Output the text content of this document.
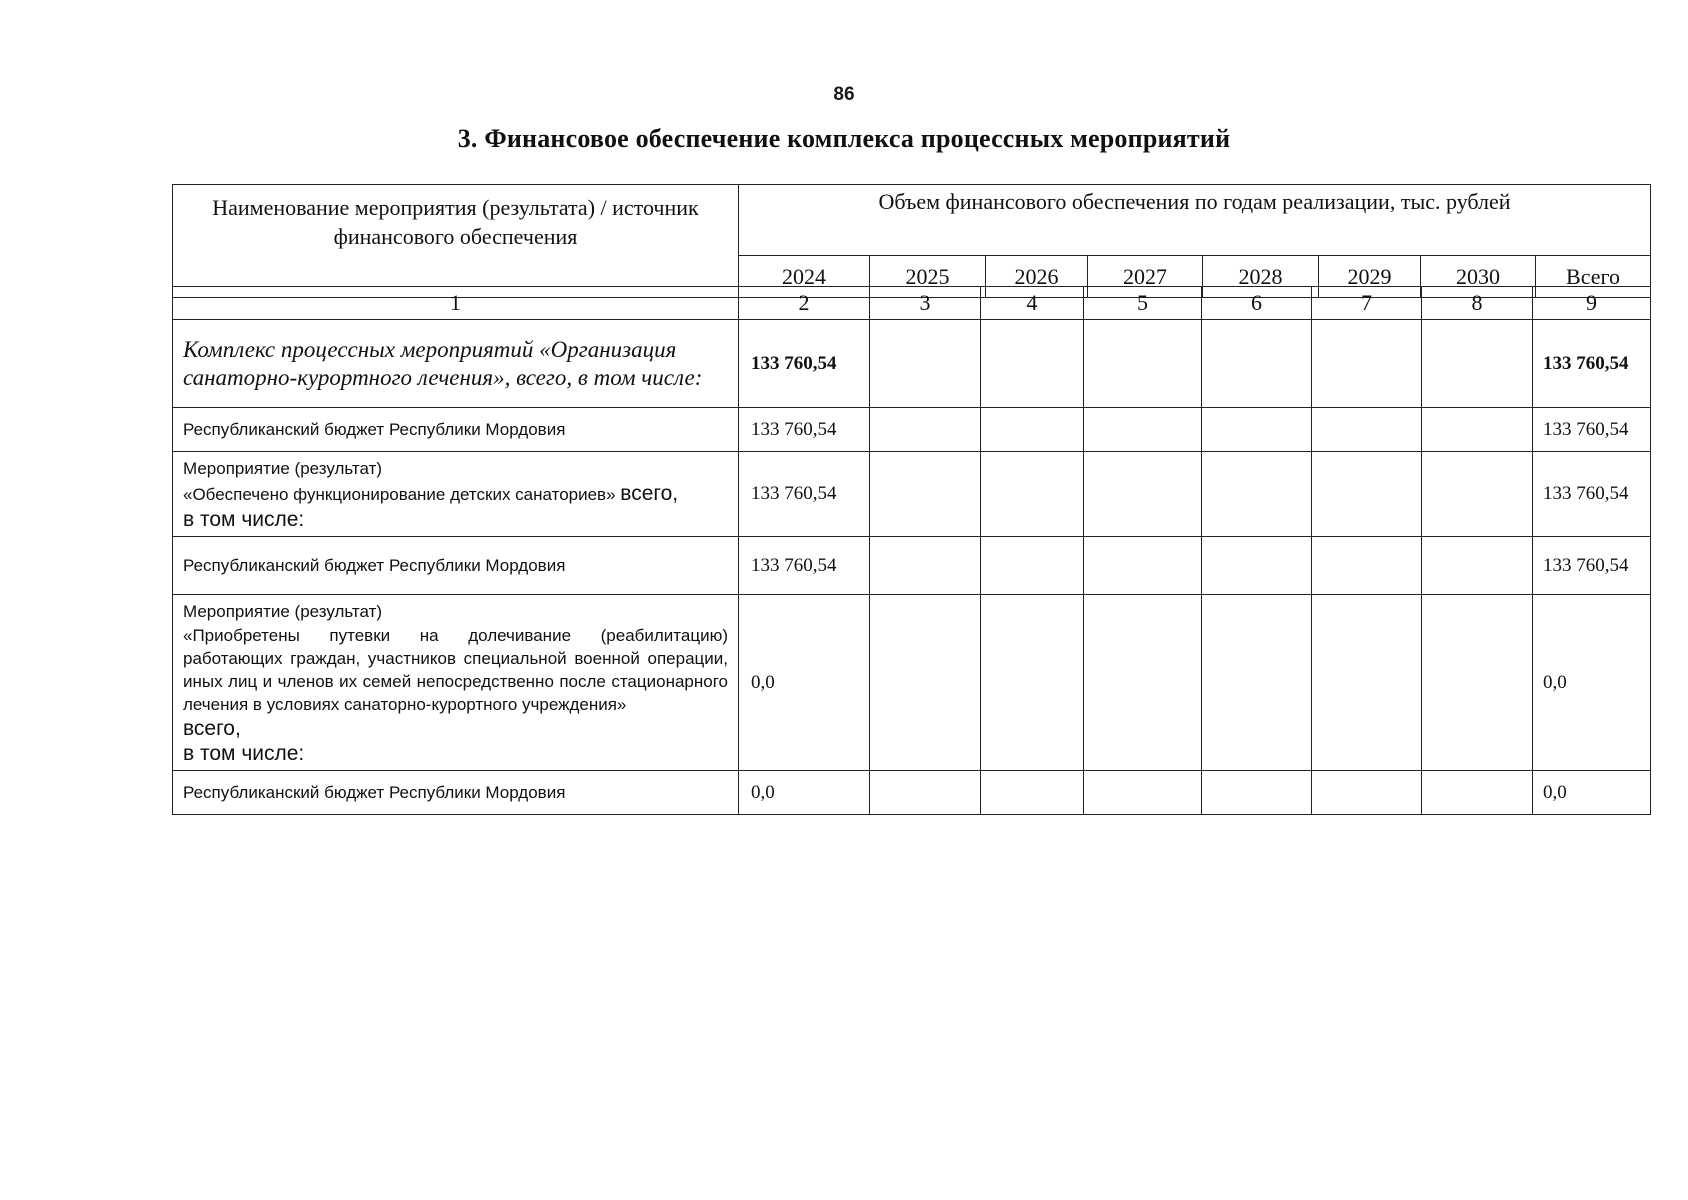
86
3. Финансовое обеспечение комплекса процессных мероприятий
Наименование мероприятия (результата) / источник финансового обеспечения	Объем финансового обеспечения по годам реализации, тыс. рублей							
	2024	2025	2026	2027	2028	2029	2030	Всего
1	2	3	4	5	6	7	8	9
Комплекс процессных мероприятий «Организация санаторно-курортного лечения», всего, в том числе:	133 760,54							133 760,54
Республиканский бюджет Республики Мордовия	133 760,54							133 760,54

Мероприятие (результат)
«Обеспечено функционирование детских санаториев» всего,
в том числе:	133 760,54							133 760,54
Республиканский бюджет Республики Мордовия	133 760,54							133 760,54

Мероприятие (результат)
«Приобретены путевки на долечивание (реабилитацию) работающих граждан, участников специальной военной операции, иных лиц и членов их семей непосредственно после стационарного лечения в условиях санаторно-курортного учреждения»
всего,
в том числе:	0,0							0,0
Республиканский бюджет Республики Мордовия	0,0							0,0
